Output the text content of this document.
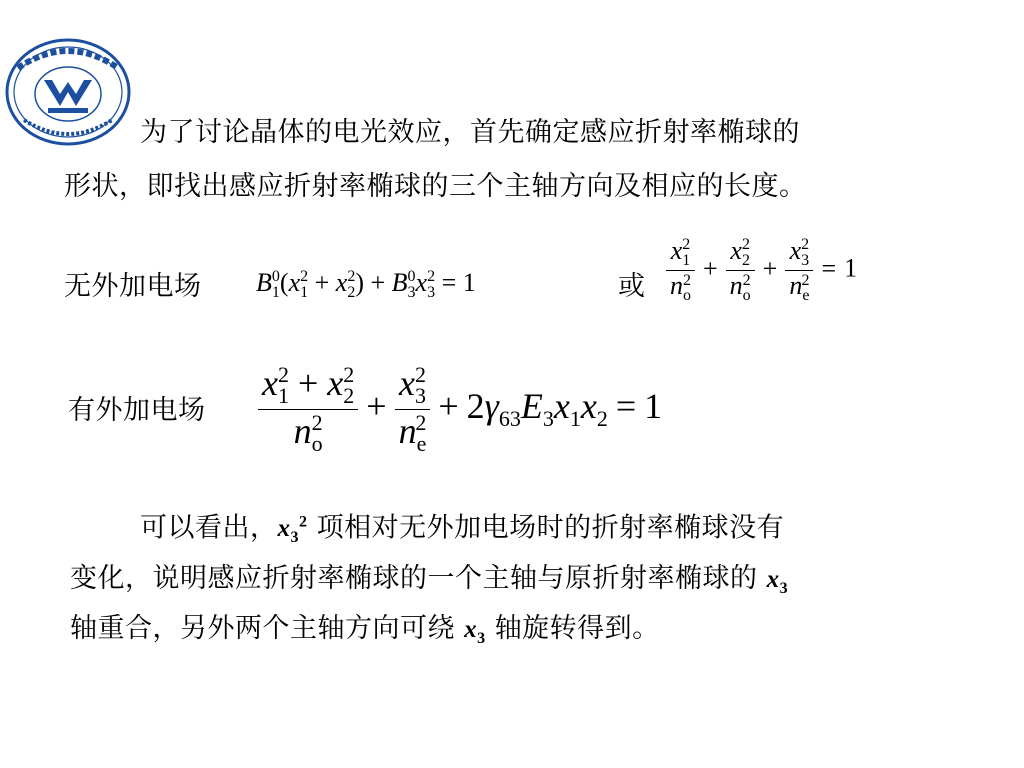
为了讨论晶体的电光效应，首先确定感应折射率椭球的
形状，即找出感应折射率椭球的三个主轴方向及相应的长度。
无外加电场 $B_1^0(x_1^2 + x_2^2) + B_3^0x_3^2 = 1$	或 $\frac{x_1^2}{n_o^2} + \frac{x_2^2}{n_o^2} + \frac{x_3^2}{n_e^2} = 1$
有外加电场 $\frac{x_1^2 + x_2^2}{n_o^2} + \frac{x_3^2}{n_e^2} + 2\gamma_{63}E_3x_1x_2 = 1$
可以看出，$x_3^2$ 项相对无外加电场时的折射率椭球没有
变化，说明感应折射率椭球的一个主轴与原折射率椭球的 $x_3$
轴重合，另外两个主轴方向可绕 $x_3$ 轴旋转得到。
